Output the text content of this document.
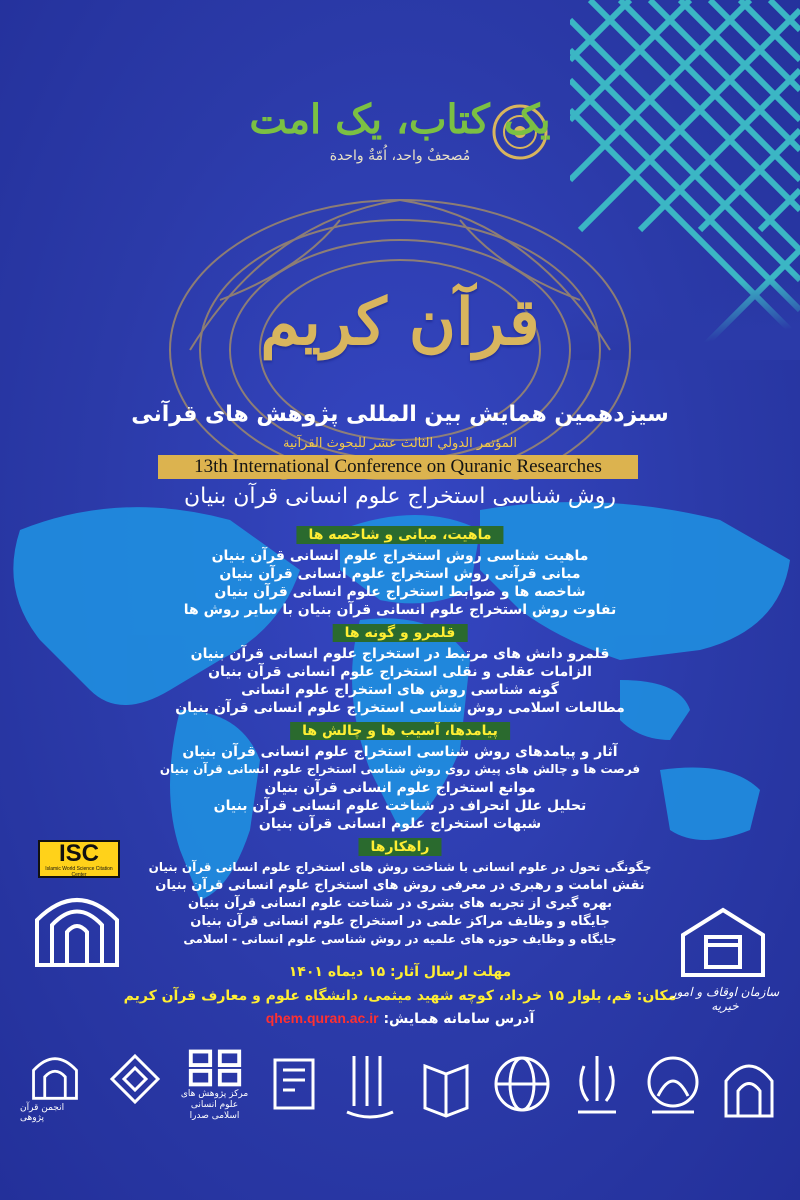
یک کتاب، یک امت
مُصحفٌ واحد، اُمّةٌ واحدة
قرآن کریم
سیزدهمین همایش بین المللی پژوهش های قرآنی
المؤتمر الدولي الثالث عشر للبحوث القرآنية
13th International Conference on Quranic Researches
روش شناسی استخراج علوم انسانی قرآن بنیان
ماهیت، مبانی و شاخصه ها
ماهیت شناسی روش استخراج علوم انسانی قرآن بنیان
مبانی قرآنی روش استخراج علوم انسانی قرآن بنیان
شاخصه ها و ضوابط استخراج علوم انسانی قرآن بنیان
تفاوت روش استخراج علوم انسانی قرآن بنیان با سایر روش ها
قلمرو و گونه ها
قلمرو دانش های مرتبط در استخراج علوم انسانی قرآن بنیان
الزامات عقلی و نقلی استخراج علوم انسانی قرآن بنیان
گونه شناسی روش های استخراج علوم انسانی
مطالعات اسلامی روش شناسی استخراج علوم انسانی قرآن بنیان
پیامدها، آسیب ها و چالش ها
آثار و پیامدهای روش شناسی استخراج علوم انسانی قرآن بنیان
فرصت ها و چالش های پیش روی روش شناسی استخراج علوم انسانی قرآن بنیان
موانع استخراج علوم انسانی قرآن بنیان
تحلیل علل انحراف در شناخت علوم انسانی قرآن بنیان
شبهات استخراج علوم انسانی قرآن بنیان
راهکارها
چگونگی تحول در علوم انسانی با شناخت روش های استخراج علوم انسانی قرآن بنیان
نقش امامت و رهبری در معرفی روش های استخراج علوم انسانی قرآن بنیان
بهره گیری از تجربه های بشری در شناخت علوم انسانی قرآن بنیان
جایگاه و وظایف مراکز علمی در استخراج علوم انسانی قرآن بنیان
جایگاه و وظایف حوزه های علمیه در روش شناسی علوم انسانی - اسلامی
مهلت ارسال آثار: ۱۵ دیماه ۱۴۰۱
مکان: قم، بلوار ۱۵ خرداد، کوچه شهید میثمی، دانشگاه علوم و معارف قرآن کریم
آدرس سامانه همایش: qhem.quran.ac.ir
ISC
Islamic World Science Citation Center
سازمان اوقاف و امور خیریه
مرکز پژوهش های علوم انسانی اسلامی صدرا
انجمن قرآن پژوهی
